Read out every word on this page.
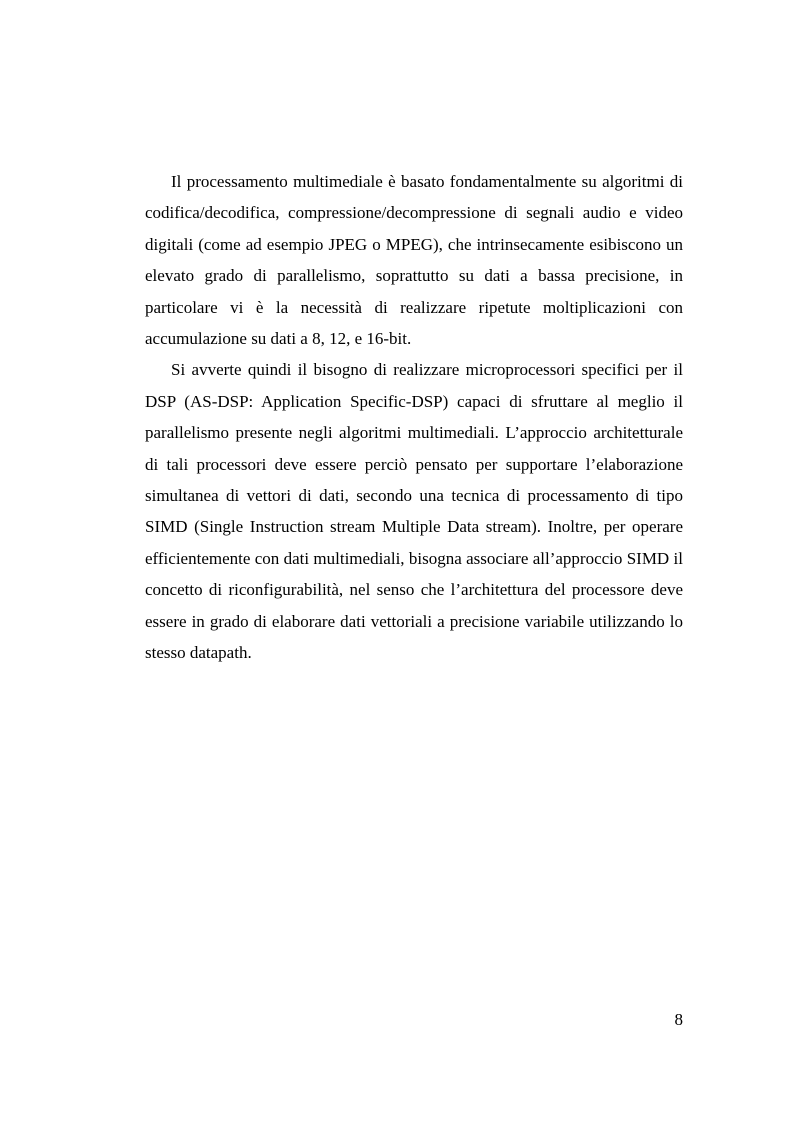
Il processamento multimediale è basato fondamentalmente su algoritmi di codifica/decodifica, compressione/decompressione di segnali audio e video digitali (come ad esempio JPEG o MPEG), che intrinsecamente esibiscono un elevato grado di parallelismo, soprattutto su dati a bassa precisione, in particolare vi è la necessità di realizzare ripetute moltiplicazioni con accumulazione su dati a 8, 12, e 16-bit.

Si avverte quindi il bisogno di realizzare microprocessori specifici per il DSP (AS-DSP: Application Specific-DSP) capaci di sfruttare al meglio il parallelismo presente negli algoritmi multimediali. L’approccio architetturale di tali processori deve essere perciò pensato per supportare l’elaborazione simultanea di vettori di dati, secondo una tecnica di processamento di tipo SIMD (Single Instruction stream Multiple Data stream). Inoltre, per operare efficientemente con dati multimediali, bisogna associare all’approccio SIMD il concetto di riconfigurabilità, nel senso che l’architettura del processore deve essere in grado di elaborare dati vettoriali a precisione variabile utilizzando lo stesso datapath.

8
